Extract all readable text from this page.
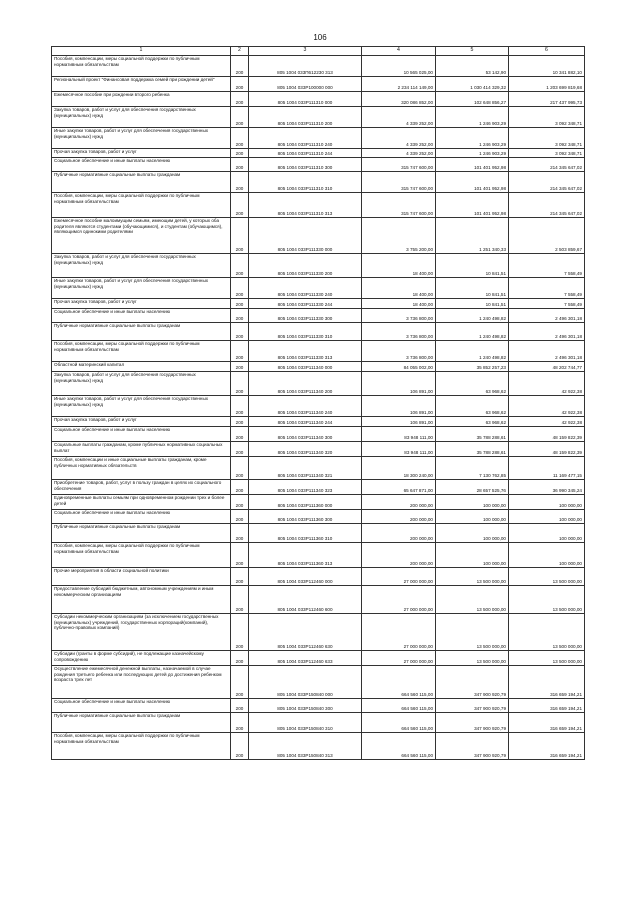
106
1	2	3	4	5	6
Пособия, компенсации, меры социальной поддержки по публичным нормативным обязательствам	200	805 1004 033П612230 313	10 565 025,00	53 142,90	10 341 882,10
Региональный проект "Финансовая поддержка семей при рождении детей"	200	805 1004 033P100000 000	2 234 114 149,00	1 030 414 329,32	1 203 699 819,68
Ежемесячное пособие при рождении второго ребенка	200	805 1004 033P111310 000	320 086 852,00	102 648 856,27	217 437 995,73
Закупка товаров, работ и услуг для обеспечения государственных (муниципальных) нужд	200	805 1004 033P111310 200	4 339 252,00	1 246 903,29	3 092 348,71
Иные закупки товаров, работ и услуг для обеспечения государственных (муниципальных) нужд	200	805 1004 033P111310 240	4 339 252,00	1 246 903,29	3 092 348,71
Прочая закупка товаров, работ и услуг	200	805 1004 033P111310 244	4 339 252,00	1 246 903,29	3 092 348,71
Социальное обеспечение и иные выплаты населению	200	805 1004 033P111310 300	315 747 600,00	101 401 952,98	214 345 647,02
Публичные нормативные социальные выплаты гражданам	200	805 1004 033P111310 310	315 747 600,00	101 401 952,98	214 345 647,02
Пособия, компенсации, меры социальной поддержки по публичным нормативным обязательствам	200	805 1004 033P111310 313	315 747 600,00	101 401 952,98	214 345 647,02
Ежемесячное пособие малоимущим семьям, имеющим детей, у которых оба родителя являются студентами (обучающимися), и студентам (обучающимся), являющимся одинокими родителями	200	805 1004 033P111330 000	3 755 200,00	1 251 340,33	2 503 859,67
Закупка товаров, работ и услуг для обеспечения государственных (муниципальных) нужд	200	805 1004 033P111330 200	18 400,00	10 841,51	7 558,49
Иные закупки товаров, работ и услуг для обеспечения государственных (муниципальных) нужд	200	805 1004 033P111330 240	18 400,00	10 841,51	7 558,49
Прочая закупка товаров, работ и услуг	200	805 1004 033P111330 244	18 400,00	10 841,51	7 558,49
Социальное обеспечение и иные выплаты населению	200	805 1004 033P111330 300	3 736 800,00	1 240 498,82	2 496 301,18
Публичные нормативные социальные выплаты гражданам	200	805 1004 033P111330 310	3 736 800,00	1 240 498,82	2 496 301,18
Пособия, компенсации, меры социальной поддержки по публичным нормативным обязательствам	200	805 1004 033P111330 313	3 736 800,00	1 240 498,82	2 496 301,18
Областной материнский капитал	200	805 1004 033P111340 000	84 055 002,00	35 852 257,23	48 202 744,77
Закупка товаров, работ и услуг для обеспечения государственных (муниципальных) нужд	200	805 1004 033P111340 200	106 891,00	63 968,62	42 922,38
Иные закупки товаров, работ и услуг для обеспечения государственных (муниципальных) нужд	200	805 1004 033P111340 240	106 891,00	63 968,62	42 922,38
Прочая закупка товаров, работ и услуг	200	805 1004 033P111340 244	106 891,00	63 968,62	42 922,38
Социальное обеспечение и иные выплаты населению	200	805 1004 033P111340 300	83 948 111,00	35 788 288,61	48 159 822,39
Социальные выплаты гражданам, кроме публичных нормативных социальных выплат	200	805 1004 033P111340 320	83 948 111,00	35 788 288,61	48 159 822,39
Пособия, компенсации и иные социальные выплаты гражданам, кроме публичных нормативных обязательств	200	805 1004 033P111340 321	18 300 240,00	7 130 762,85	11 169 477,15
Приобретение товаров, работ, услуг в пользу граждан в целях их социального обеспечения	200	805 1004 033P111340 323	65 647 871,00	28 657 525,76	36 990 345,24
Единовременные выплаты семьям при одновременном рождении трех и более детей	200	805 1004 033P111360 000	200 000,00	100 000,00	100 000,00
Социальное обеспечение и иные выплаты населению	200	805 1004 033P111360 300	200 000,00	100 000,00	100 000,00
Публичные нормативные социальные выплаты гражданам	200	805 1004 033P111360 310	200 000,00	100 000,00	100 000,00
Пособия, компенсации, меры социальной поддержки по публичным нормативным обязательствам	200	805 1004 033P111360 313	200 000,00	100 000,00	100 000,00
Прочие мероприятия в области социальной политики	200	805 1004 033P112460 000	27 000 000,00	13 500 000,00	13 500 000,00
Предоставление субсидий бюджетным, автономным учреждениям и иным некоммерческим организациям	200	805 1004 033P112460 600	27 000 000,00	13 500 000,00	13 500 000,00
Субсидии некоммерческим организациям (за исключением государственных (муниципальных) учреждений, государственных корпораций(компаний), публично-правовых компаний)	200	805 1004 033P112460 630	27 000 000,00	13 500 000,00	13 500 000,00
Субсидии (гранты в форме субсидий), не подлежащие казначейскому сопровождению	200	805 1004 033P112460 633	27 000 000,00	13 500 000,00	13 500 000,00
Осуществление ежемесячной денежной выплаты, назначаемой в случае рождения третьего ребенка или последующих детей до достижения ребенком возраста трех лет	200	805 1004 033P150840 000	664 560 115,00	347 900 920,79	316 659 194,21
Социальное обеспечение и иные выплаты населению	200	805 1004 033P150840 300	664 560 115,00	347 900 920,79	316 659 194,21
Публичные нормативные социальные выплаты гражданам	200	805 1004 033P150840 310	664 560 115,00	347 900 920,79	316 659 194,21
Пособия, компенсации, меры социальной поддержки по публичным нормативным обязательствам	200	805 1004 033P150840 313	664 560 115,00	347 900 920,79	316 659 194,21
